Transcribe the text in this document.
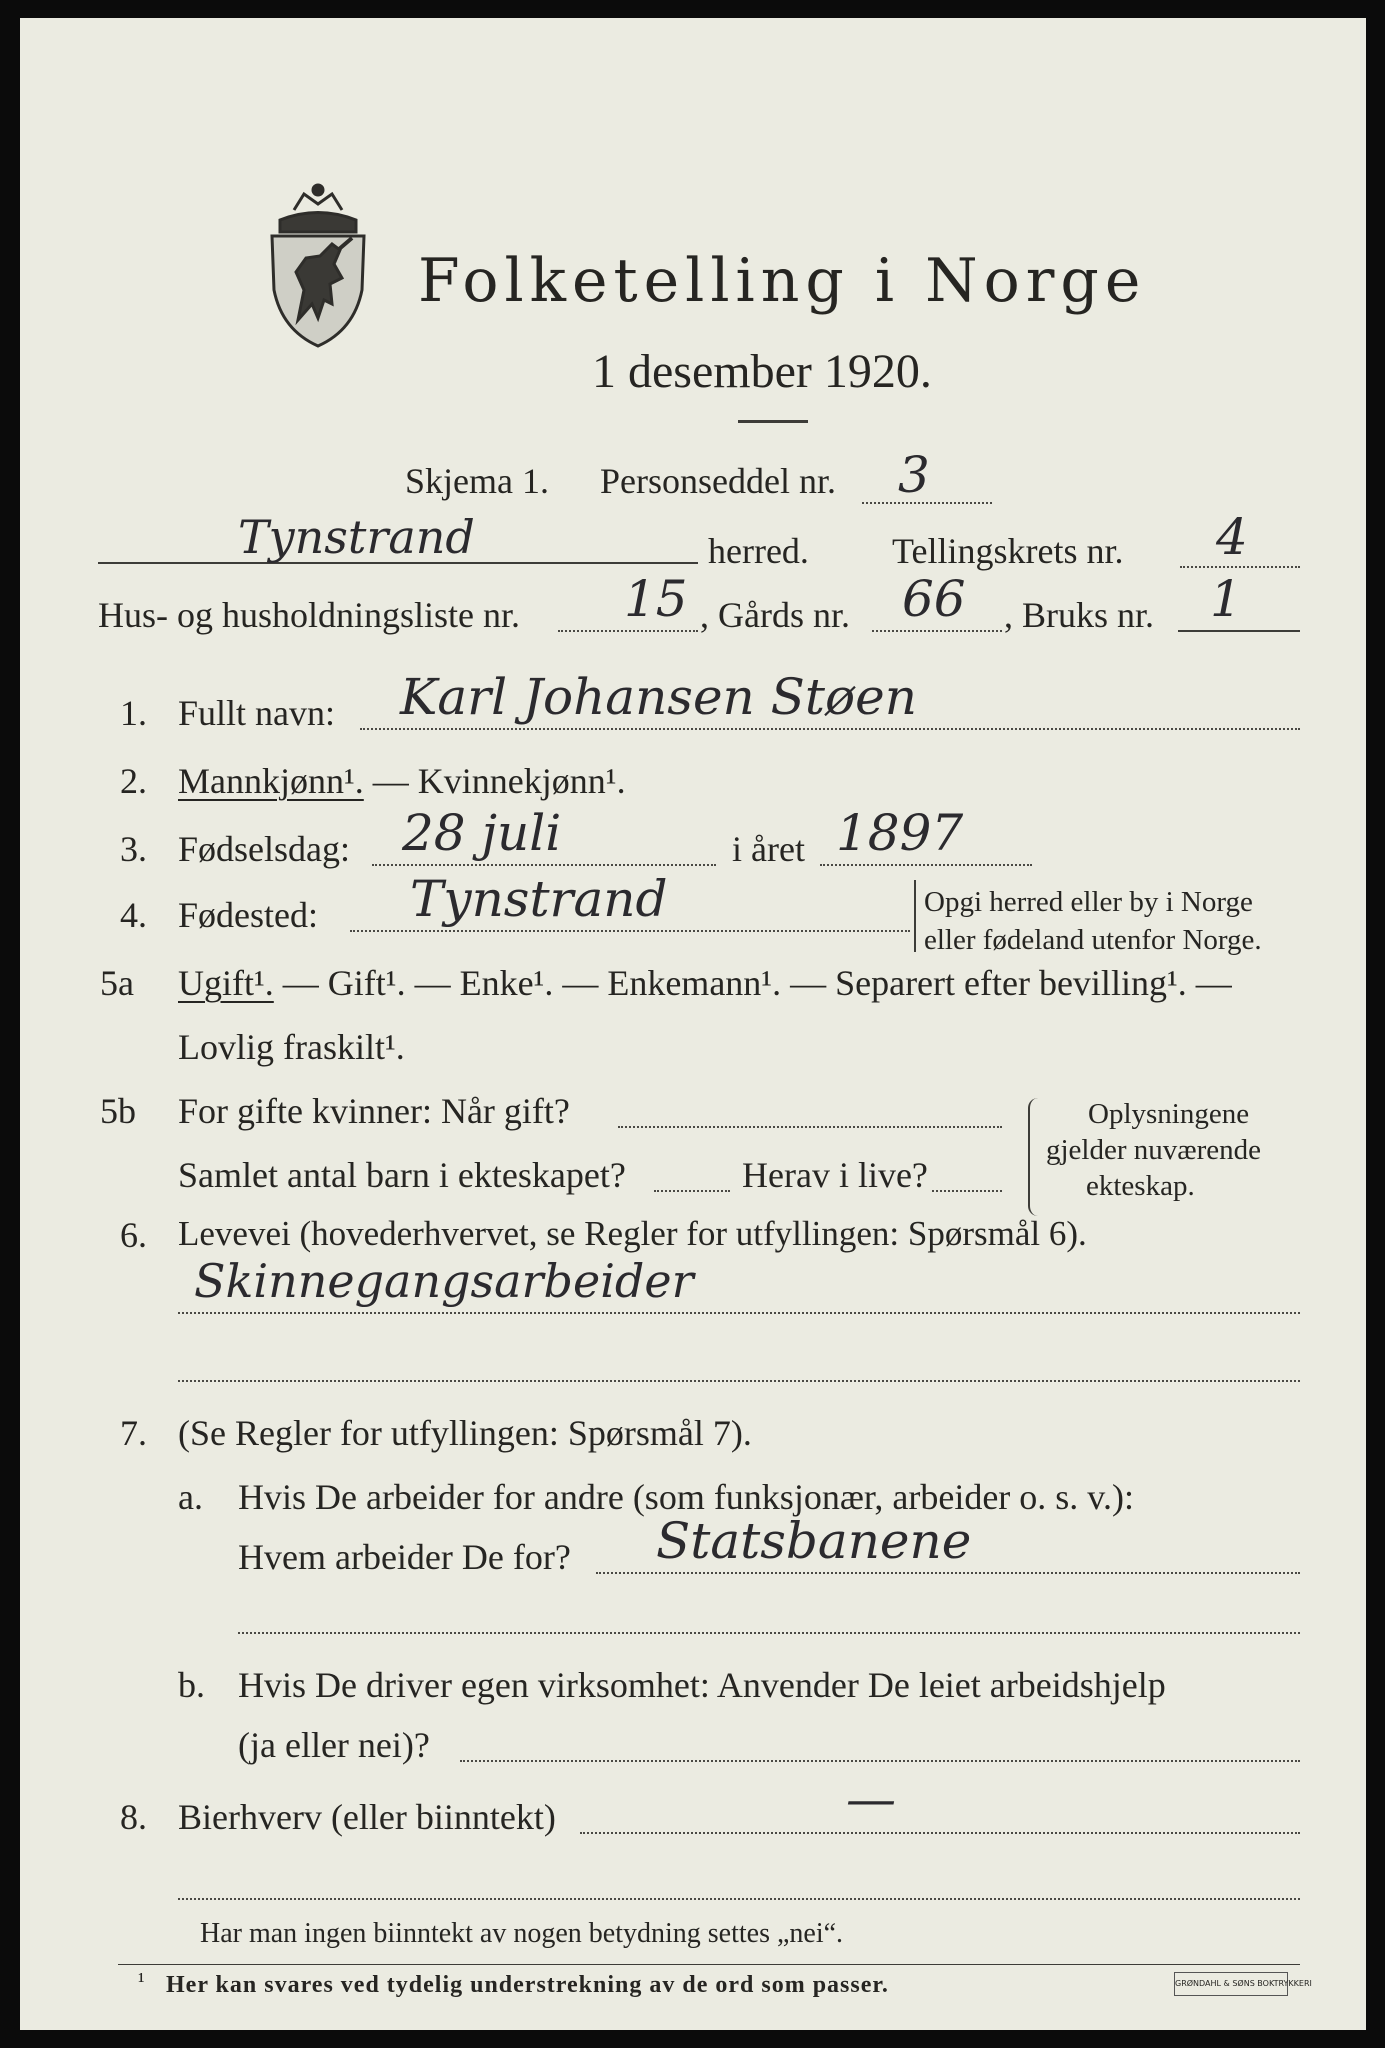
Folketelling i Norge
1 desember 1920.
Skjema 1. Personseddel nr. 3
Tynstrand	herred. Tellingskrets nr. 4
Hus- og husholdningsliste nr. 15 , Gårds nr. 66 , Bruks nr. 1
1. Fullt navn: Karl Johansen Støen
2. Mannkjønn¹. — Kvinnekjønn¹.
3. Fødselsdag: 28 juli	i året 1897
4. Fødested: Tynstrand	Opgi herred eller by i Norge
eller fødeland utenfor Norge.
5a Ugift¹. — Gift¹. — Enke¹. — Enkemann¹. — Separert efter bevilling¹. —
Lovlig fraskilt¹.
5b For gifte kvinner: Når gift?
Samlet antal barn i ekteskapet?	Herav i live?
Oplysningene
gjelder nuværende
ekteskap.
6. Levevei (hovederhvervet, se Regler for utfyllingen: Spørsmål 6).
Skinnegangsarbeider
7. (Se Regler for utfyllingen: Spørsmål 7).
a. Hvis De arbeider for andre (som funksjonær, arbeider o. s. v.):
Hvem arbeider De for? Statsbanene
b. Hvis De driver egen virksomhet: Anvender De leiet arbeidshjelp
(ja eller nei)?
8. Bierhverv (eller biinntekt)	—
Har man ingen biinntekt av nogen betydning settes „nei“.
¹ Her kan svares ved tydelig understrekning av de ord som passer.	GRØNDAHL & SØNS BOKTRYKKERI
